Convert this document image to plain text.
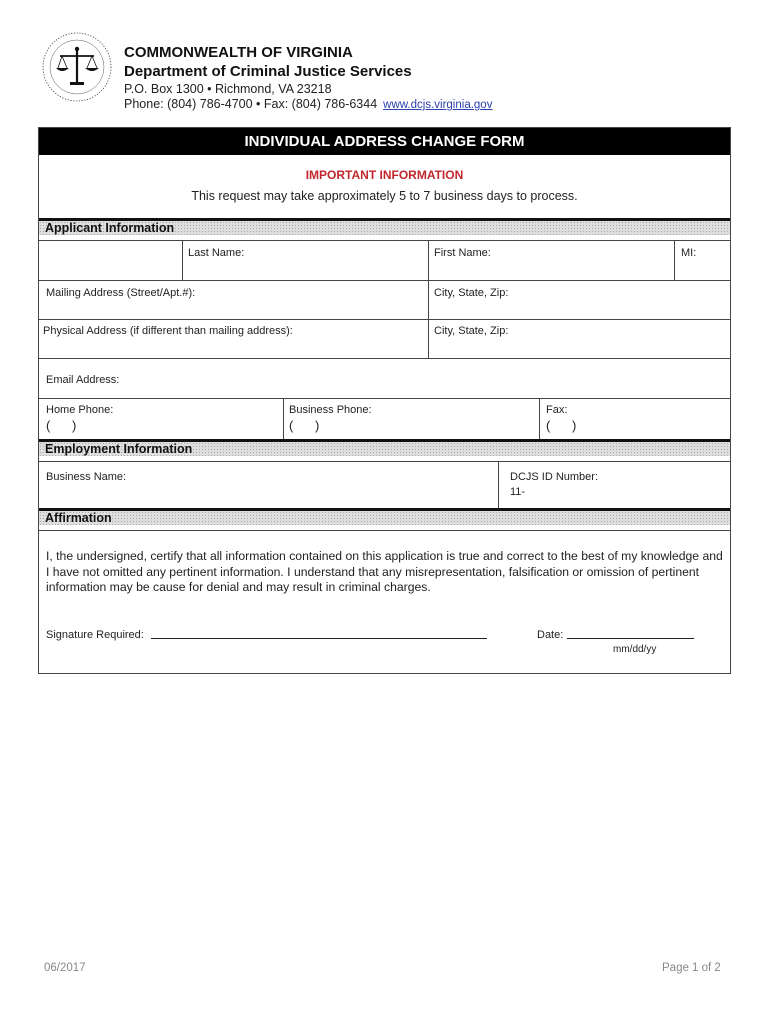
COMMONWEALTH OF VIRGINIA
Department of Criminal Justice Services
P.O. Box 1300 • Richmond, VA 23218
Phone: (804) 786-4700 • Fax: (804) 786-6344 www.dcjs.virginia.gov
INDIVIDUAL ADDRESS CHANGE FORM
IMPORTANT INFORMATION
This request may take approximately 5 to 7 business days to process.
Applicant Information
Last Name:	First Name:	MI:
Mailing Address (Street/Apt.#):	City, State, Zip:
Physical Address (if different than mailing address):	City, State, Zip:
Email Address:
Home Phone:
( )
Business Phone:
( )
Fax:
( )
Employment Information
Business Name:	DCJS ID Number:
11-
Affirmation
I, the undersigned, certify that all information contained on this application is true and correct to the best of my knowledge and I have not omitted any pertinent information. I understand that any misrepresentation, falsification or omission of pertinent information may be cause for denial and may result in criminal charges.
Signature Required:	Date:
mm/dd/yy
06/2017	Page 1 of 2
